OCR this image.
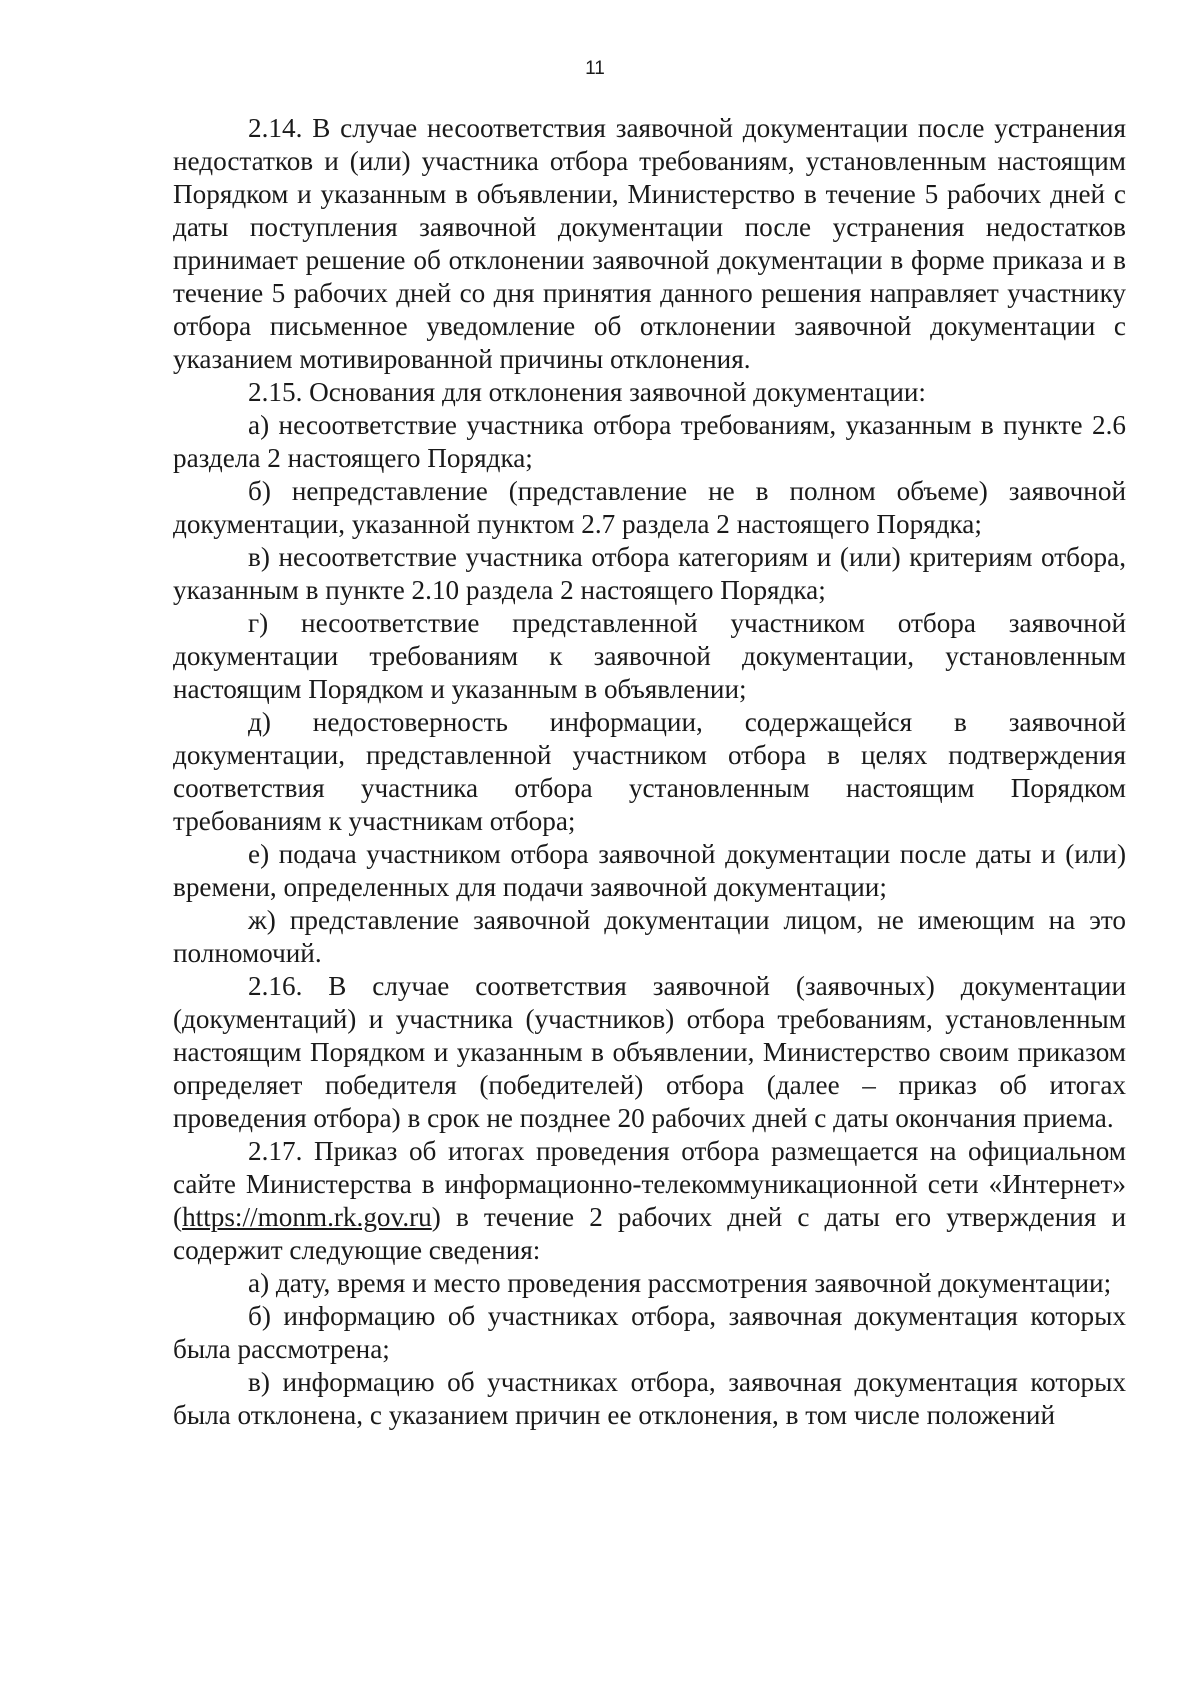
11

2.14. В случае несоответствия заявочной документации после устранения недостатков и (или) участника отбора требованиям, установленным настоящим Порядком и указанным в объявлении, Министерство в течение 5 рабочих дней с даты поступления заявочной документации после устранения недостатков принимает решение об отклонении заявочной документации в форме приказа и в течение 5 рабочих дней со дня принятия данного решения направляет участнику отбора письменное уведомление об отклонении заявочной документации с указанием мотивированной причины отклонения.

2.15. Основания для отклонения заявочной документации:

а) несоответствие участника отбора требованиям, указанным в пункте 2.6 раздела 2 настоящего Порядка;

б) непредставление (представление не в полном объеме) заявочной документации, указанной пунктом 2.7 раздела 2 настоящего Порядка;

в) несоответствие участника отбора категориям и (или) критериям отбора, указанным в пункте 2.10 раздела 2 настоящего Порядка;

г) несоответствие представленной участником отбора заявочной документации требованиям к заявочной документации, установленным настоящим Порядком и указанным в объявлении;

д) недостоверность информации, содержащейся в заявочной документации, представленной участником отбора в целях подтверждения соответствия участника отбора установленным настоящим Порядком требованиям к участникам отбора;

е) подача участником отбора заявочной документации после даты и (или) времени, определенных для подачи заявочной документации;

ж) представление заявочной документации лицом, не имеющим на это полномочий.

2.16. В случае соответствия заявочной (заявочных) документации (документаций) и участника (участников) отбора требованиям, установленным настоящим Порядком и указанным в объявлении, Министерство своим приказом определяет победителя (победителей) отбора (далее – приказ об итогах проведения отбора) в срок не позднее 20 рабочих дней с даты окончания приема.

2.17. Приказ об итогах проведения отбора размещается на официальном сайте Министерства в информационно-телекоммуникационной сети «Интернет» (https://monm.rk.gov.ru) в течение 2 рабочих дней с даты его утверждения и содержит следующие сведения:

а) дату, время и место проведения рассмотрения заявочной документации;

б) информацию об участниках отбора, заявочная документация которых была рассмотрена;

в) информацию об участниках отбора, заявочная документация которых была отклонена, с указанием причин ее отклонения, в том числе положений
